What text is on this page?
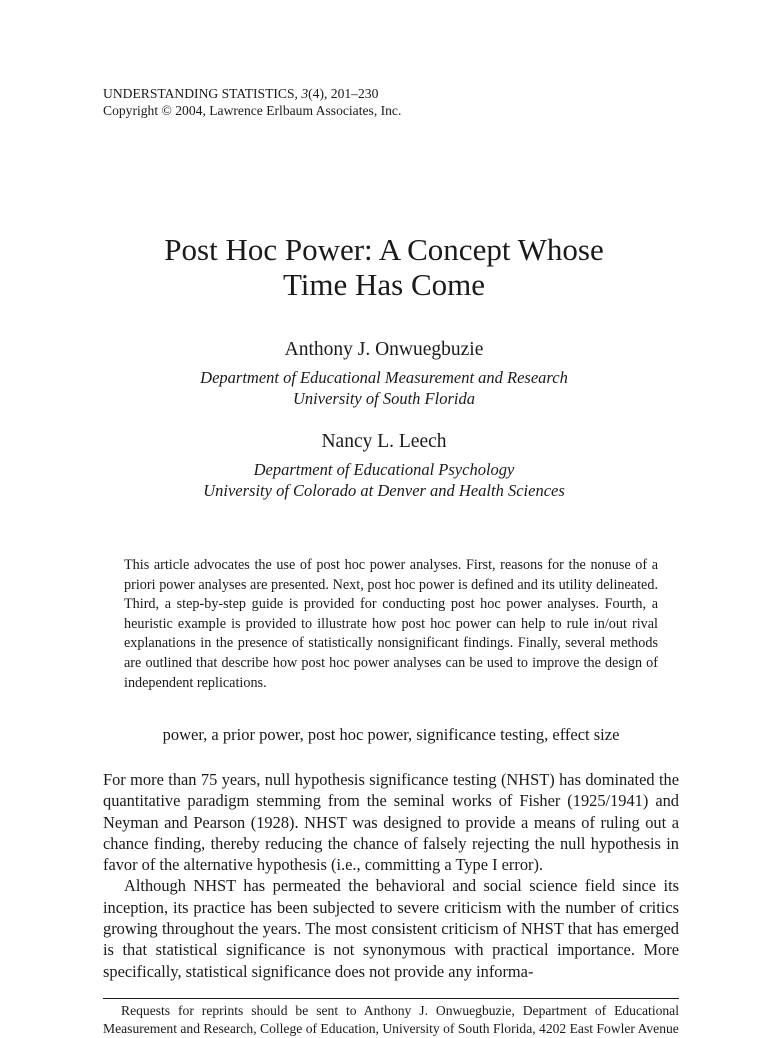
UNDERSTANDING STATISTICS, 3(4), 201–230
Copyright © 2004, Lawrence Erlbaum Associates, Inc.
Post Hoc Power: A Concept Whose
Time Has Come
Anthony J. Onwuegbuzie
Department of Educational Measurement and Research
University of South Florida
Nancy L. Leech
Department of Educational Psychology
University of Colorado at Denver and Health Sciences

This article advocates the use of post hoc power analyses. First, reasons for the nonuse of a priori power analyses are presented. Next, post hoc power is defined and its utility delineated. Third, a step-by-step guide is provided for conducting post hoc power analyses. Fourth, a heuristic example is provided to illustrate how post hoc power can help to rule in/out rival explanations in the presence of statistically nonsignificant findings. Finally, several methods are outlined that describe how post hoc power analyses can be used to improve the design of independent replications.

power, a prior power, post hoc power, significance testing, effect size

For more than 75 years, null hypothesis significance testing (NHST) has dominated the quantitative paradigm stemming from the seminal works of Fisher (1925/1941) and Neyman and Pearson (1928). NHST was designed to provide a means of ruling out a chance finding, thereby reducing the chance of falsely rejecting the null hypothesis in favor of the alternative hypothesis (i.e., committing a Type I error).

Although NHST has permeated the behavioral and social science field since its inception, its practice has been subjected to severe criticism with the number of critics growing throughout the years. The most consistent criticism of NHST that has emerged is that statistical significance is not synonymous with practical importance. More specifically, statistical significance does not provide any informa-

Requests for reprints should be sent to Anthony J. Onwuegbuzie, Department of Educational Measurement and Research, College of Education, University of South Florida, 4202 East Fowler Avenue
